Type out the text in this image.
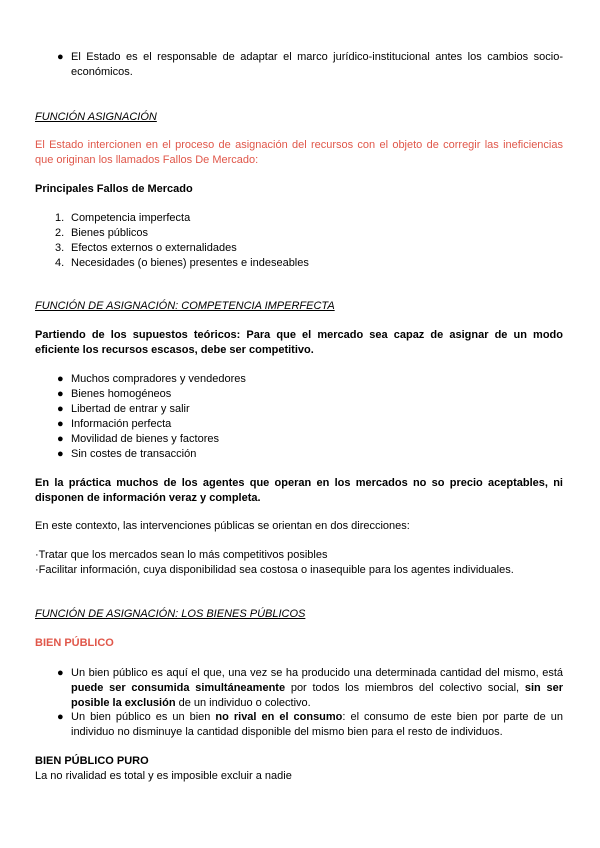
● El Estado es el responsable de adaptar el marco jurídico-institucional antes los cambios socio-económicos.

FUNCIÓN ASIGNACIÓN

El Estado intercionen en el proceso de asignación del recursos con el objeto de corregir las ineficiencias que originan los llamados Fallos De Mercado:

Principales Fallos de Mercado

1. Competencia imperfecta

2. Bienes públicos

3. Efectos externos o externalidades

4. Necesidades (o bienes) presentes e indeseables

FUNCIÓN DE ASIGNACIÓN: COMPETENCIA IMPERFECTA

Partiendo de los supuestos teóricos: Para que el mercado sea capaz de asignar de un modo eficiente los recursos escasos, debe ser competitivo.

● Muchos compradores y vendedores

● Bienes homogéneos

● Libertad de entrar y salir

● Información perfecta

● Movilidad de bienes y factores

● Sin costes de transacción

En la práctica muchos de los agentes que operan en los mercados no so precio aceptables, ni disponen de información veraz y completa.

En este contexto, las intervenciones públicas se orientan en dos direcciones:

·Tratar que los mercados sean lo más competitivos posibles

·Facilitar información, cuya disponibilidad sea costosa o inasequible para los agentes individuales.

FUNCIÓN DE ASIGNACIÓN: LOS BIENES PÚBLICOS

BIEN PÚBLICO

● Un bien público es aquí el que, una vez se ha producido una determinada cantidad del mismo, está puede ser consumida simultáneamente por todos los miembros del colectivo social, sin ser posible la exclusión de un individuo o colectivo.

● Un bien público es un bien no rival en el consumo: el consumo de este bien por parte de un individuo no disminuye la cantidad disponible del mismo bien para el resto de individuos.

BIEN PÚBLICO PURO

La no rivalidad es total y es imposible excluir a nadie
